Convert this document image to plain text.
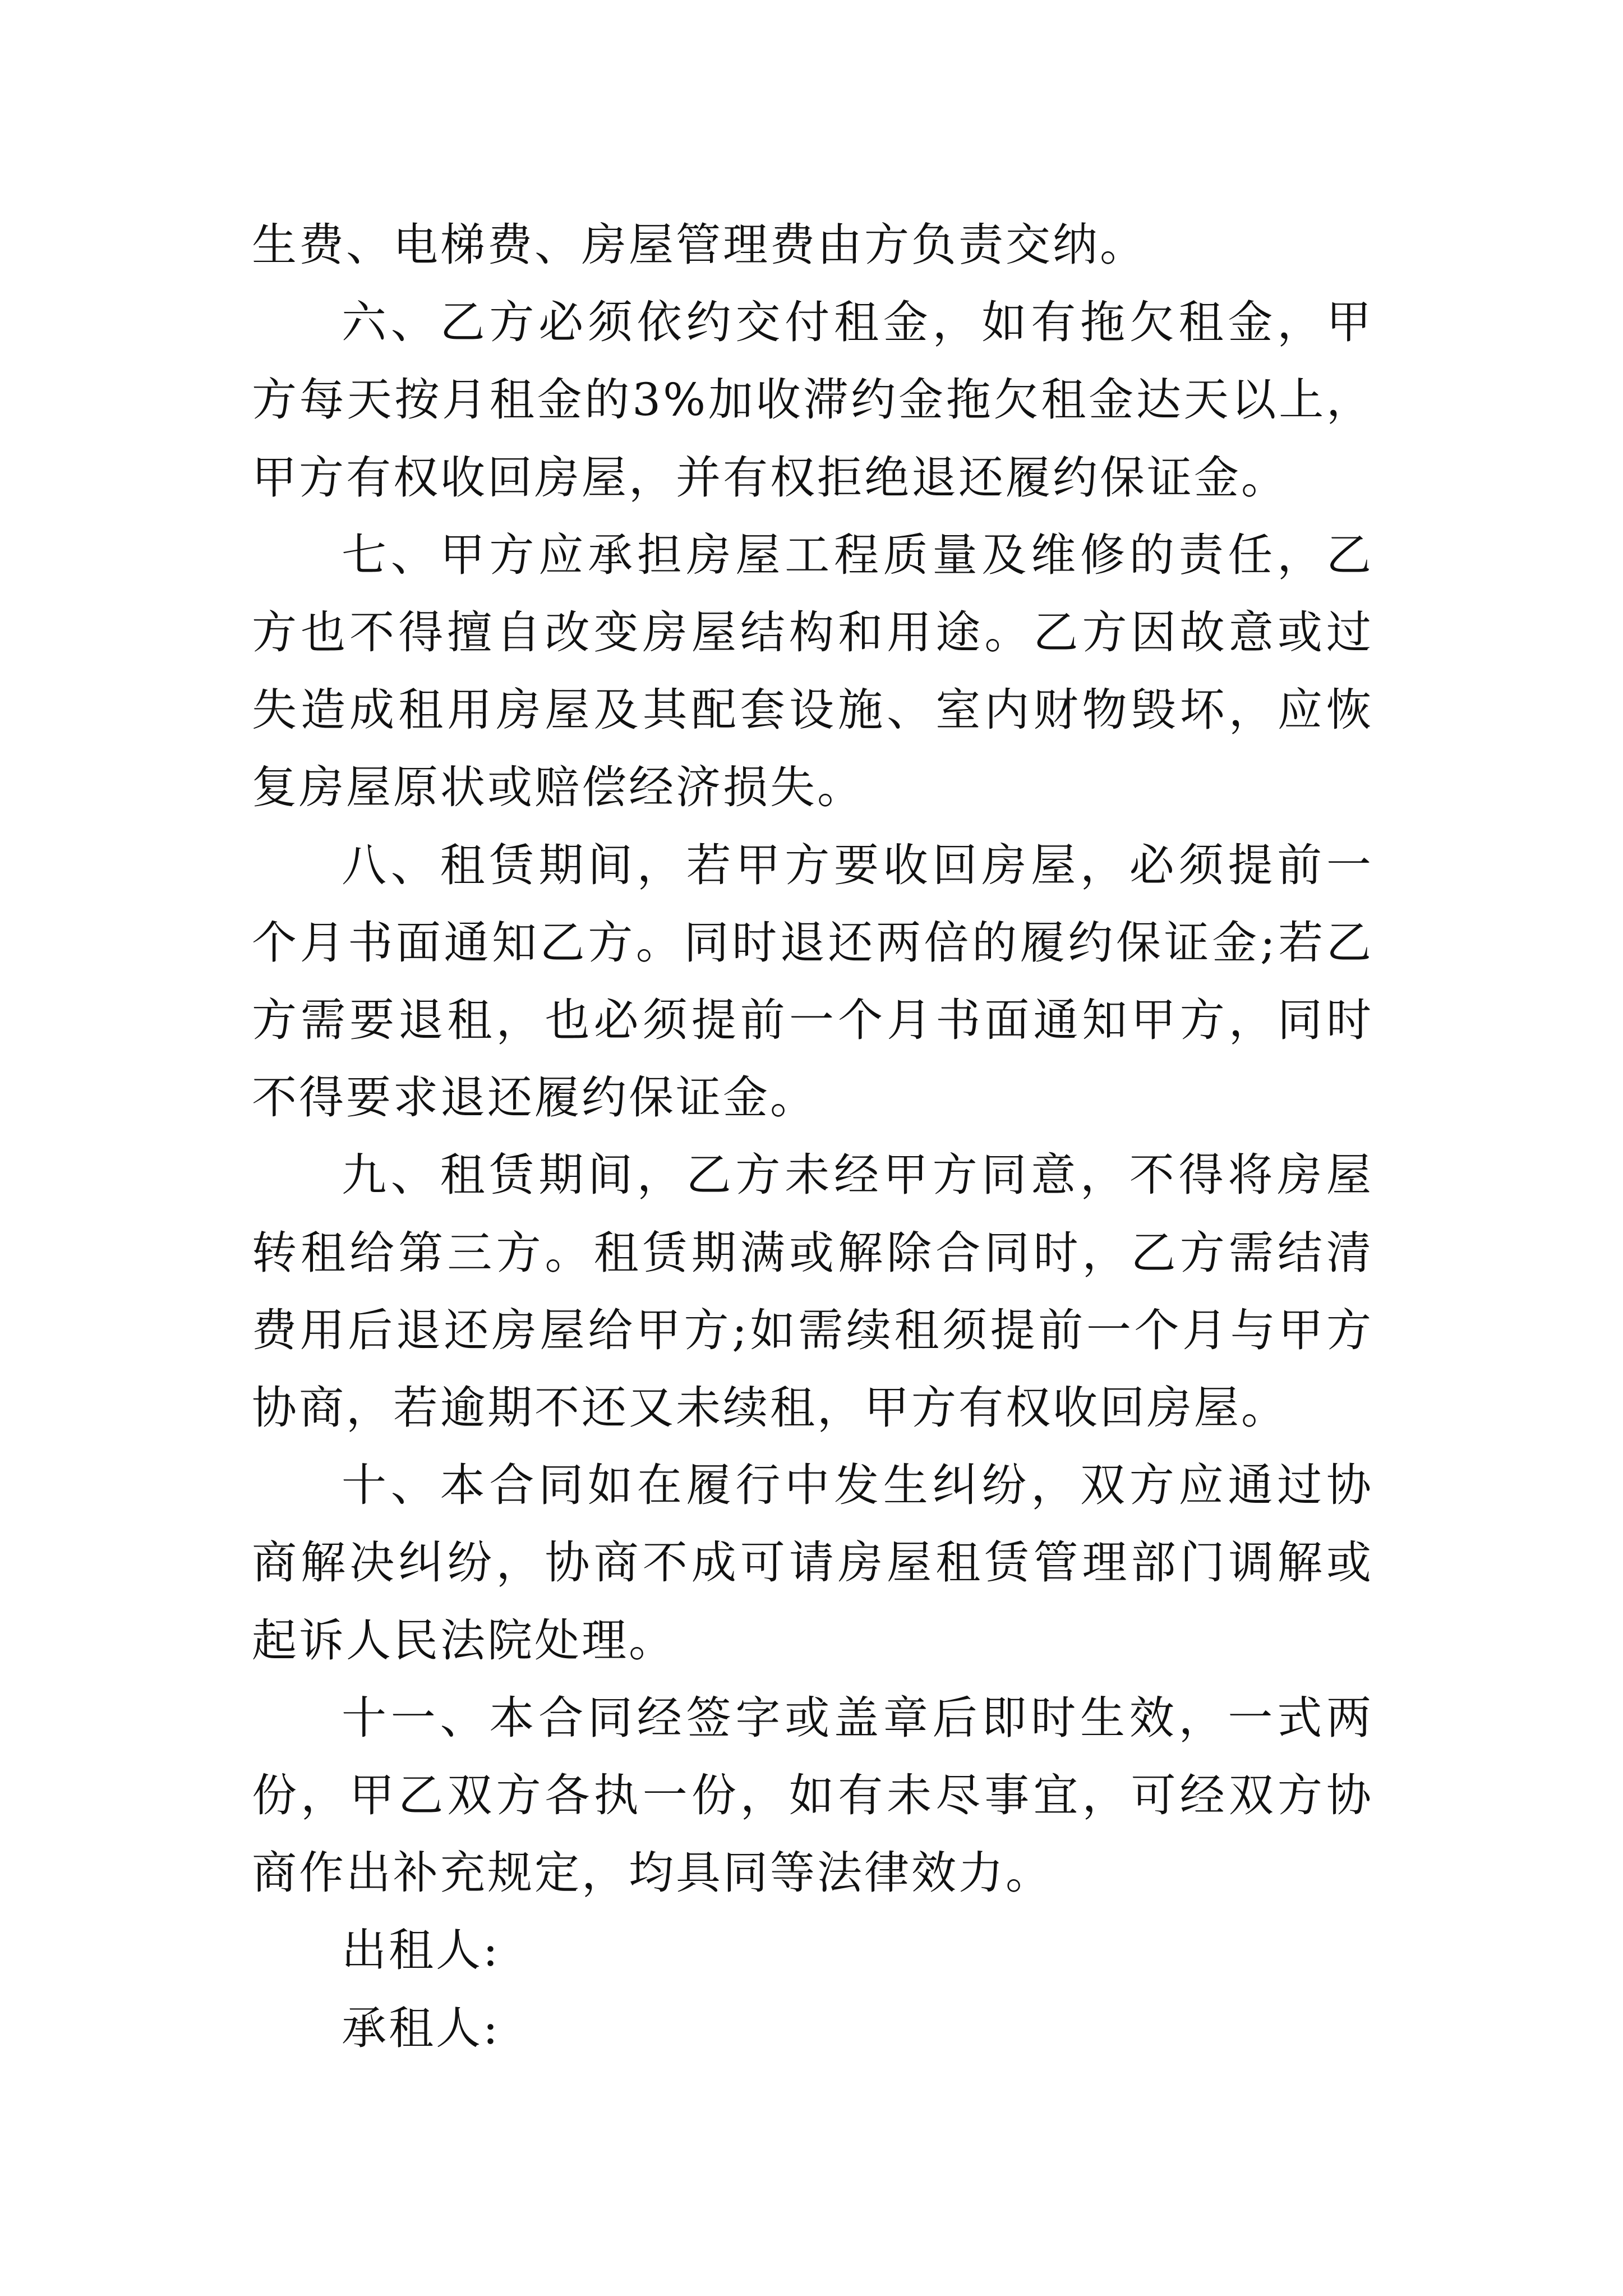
生费、电梯费、房屋管理费由方负责交纳。

六、乙方必须依约交付租金，如有拖欠租金，甲方每天按月租金的3%加收滞约金拖欠租金达天以上，甲方有权收回房屋，并有权拒绝退还履约保证金。

七、甲方应承担房屋工程质量及维修的责任，乙方也不得擅自改变房屋结构和用途。乙方因故意或过失造成租用房屋及其配套设施、室内财物毁坏，应恢复房屋原状或赔偿经济损失。

八、租赁期间，若甲方要收回房屋，必须提前一个月书面通知乙方。同时退还两倍的履约保证金;若乙方需要退租，也必须提前一个月书面通知甲方，同时不得要求退还履约保证金。

九、租赁期间，乙方未经甲方同意，不得将房屋转租给第三方。租赁期满或解除合同时，乙方需结清费用后退还房屋给甲方;如需续租须提前一个月与甲方协商，若逾期不还又未续租，甲方有权收回房屋。

十、本合同如在履行中发生纠纷，双方应通过协商解决纠纷，协商不成可请房屋租赁管理部门调解或起诉人民法院处理。

十一、本合同经签字或盖章后即时生效，一式两份，甲乙双方各执一份，如有未尽事宜，可经双方协商作出补充规定，均具同等法律效力。

出租人:

承租人:
